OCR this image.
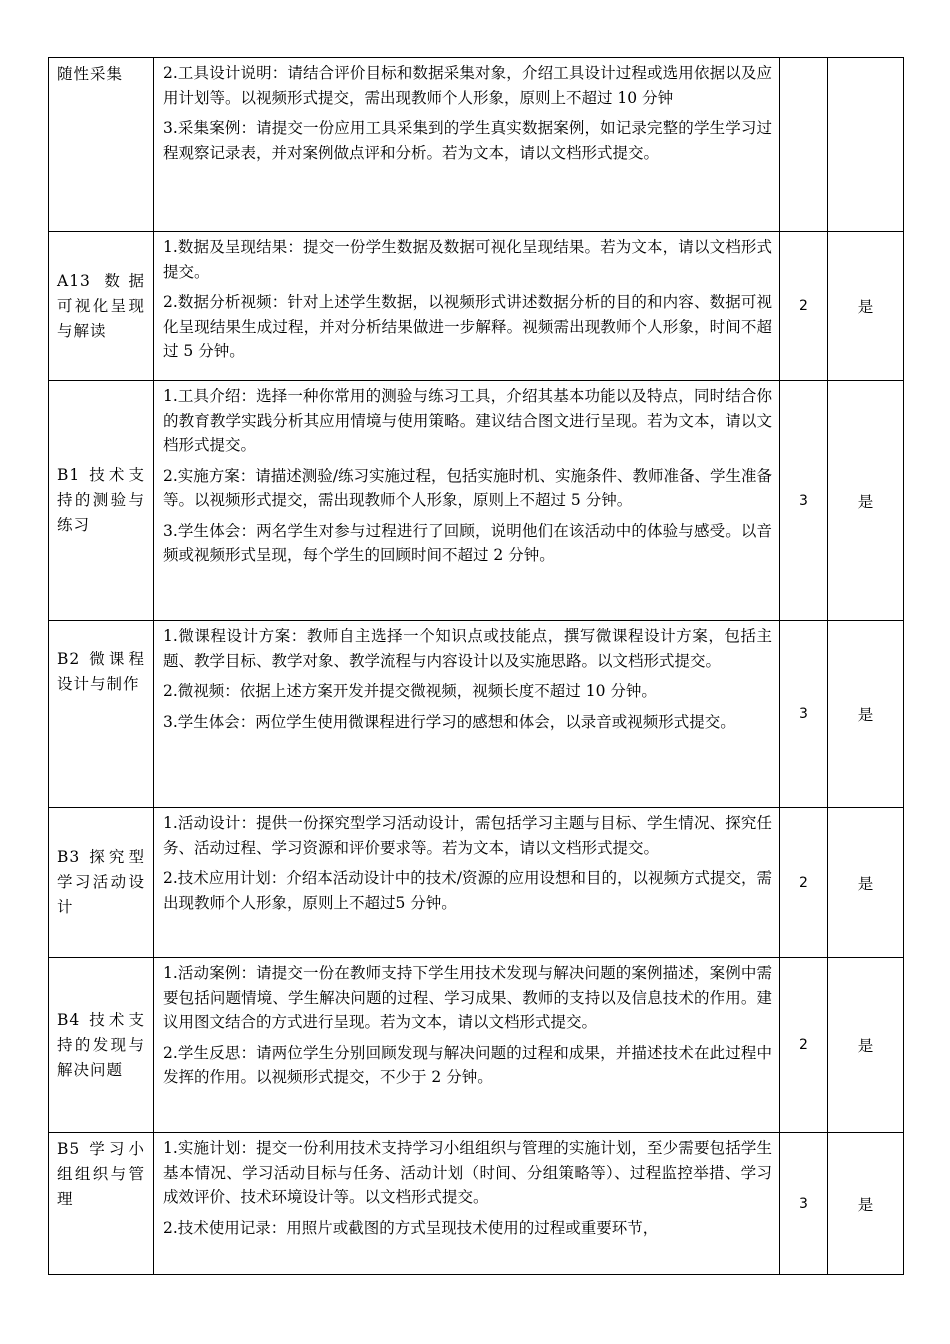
随性采集	2.工具设计说明：请结合评价目标和数据采集对象，介绍工具设计过程或选用依据以及应用计划等。以视频形式提交，需出现教师个人形象，原则上不超过 10 分钟

3.采集案例：请提交一份应用工具采集到的学生真实数据案例，如记录完整的学生学习过程观察记录表，并对案例做点评和分析。若为文本，请以文档形式提交。		

A13 数据可视化呈现与解读	1.数据及呈现结果：提交一份学生数据及数据可视化呈现结果。若为文本，请以文档形式提交。

2.数据分析视频：针对上述学生数据，以视频形式讲述数据分析的目的和内容、数据可视化呈现结果生成过程，并对分析结果做进一步解释。视频需出现教师个人形象，时间不超过 5 分钟。	2	是
B1 技术支持的测验与练习	1.工具介绍：选择一种你常用的测验与练习工具，介绍其基本功能以及特点，同时结合你的教育教学实践分析其应用情境与使用策略。建议结合图文进行呈现。若为文本，请以文档形式提交。

2.实施方案：请描述测验/练习实施过程，包括实施时机、实施条件、教师准备、学生准备等。以视频形式提交，需出现教师个人形象，原则上不超过 5 分钟。

3.学生体会：两名学生对参与过程进行了回顾，说明他们在该活动中的体验与感受。以音频或视频形式呈现，每个学生的回顾时间不超过 2 分钟。	3	是
B2 微课程设计与制作	1.微课程设计方案：教师自主选择一个知识点或技能点，撰写微课程设计方案，包括主题、教学目标、教学对象、教学流程与内容设计以及实施思路。以文档形式提交。

2.微视频：依据上述方案开发并提交微视频，视频长度不超过 10 分钟。

3.学生体会：两位学生使用微课程进行学习的感想和体会，以录音或视频形式提交。	3	是
B3 探究型学习活动设计	1.活动设计：提供一份探究型学习活动设计，需包括学习主题与目标、学生情况、探究任务、活动过程、学习资源和评价要求等。若为文本，请以文档形式提交。

2.技术应用计划：介绍本活动设计中的技术/资源的应用设想和目的，以视频方式提交，需出现教师个人形象，原则上不超过5 分钟。	2	是
B4 技术支持的发现与解决问题	1.活动案例：请提交一份在教师支持下学生用技术发现与解决问题的案例描述，案例中需要包括问题情境、学生解决问题的过程、学习成果、教师的支持以及信息技术的作用。建议用图文结合的方式进行呈现。若为文本，请以文档形式提交。

2.学生反思：请两位学生分别回顾发现与解决问题的过程和成果，并描述技术在此过程中发挥的作用。以视频形式提交，不少于 2 分钟。	2	是
B5 学习小组组织与管理	1.实施计划：提交一份利用技术支持学习小组组织与管理的实施计划，至少需要包括学生基本情况、学习活动目标与任务、活动计划（时间、分组策略等）、过程监控举措、学习成效评价、技术环境设计等。以文档形式提交。

2.技术使用记录：用照片或截图的方式呈现技术使用的过程或重要环节，	3	是
